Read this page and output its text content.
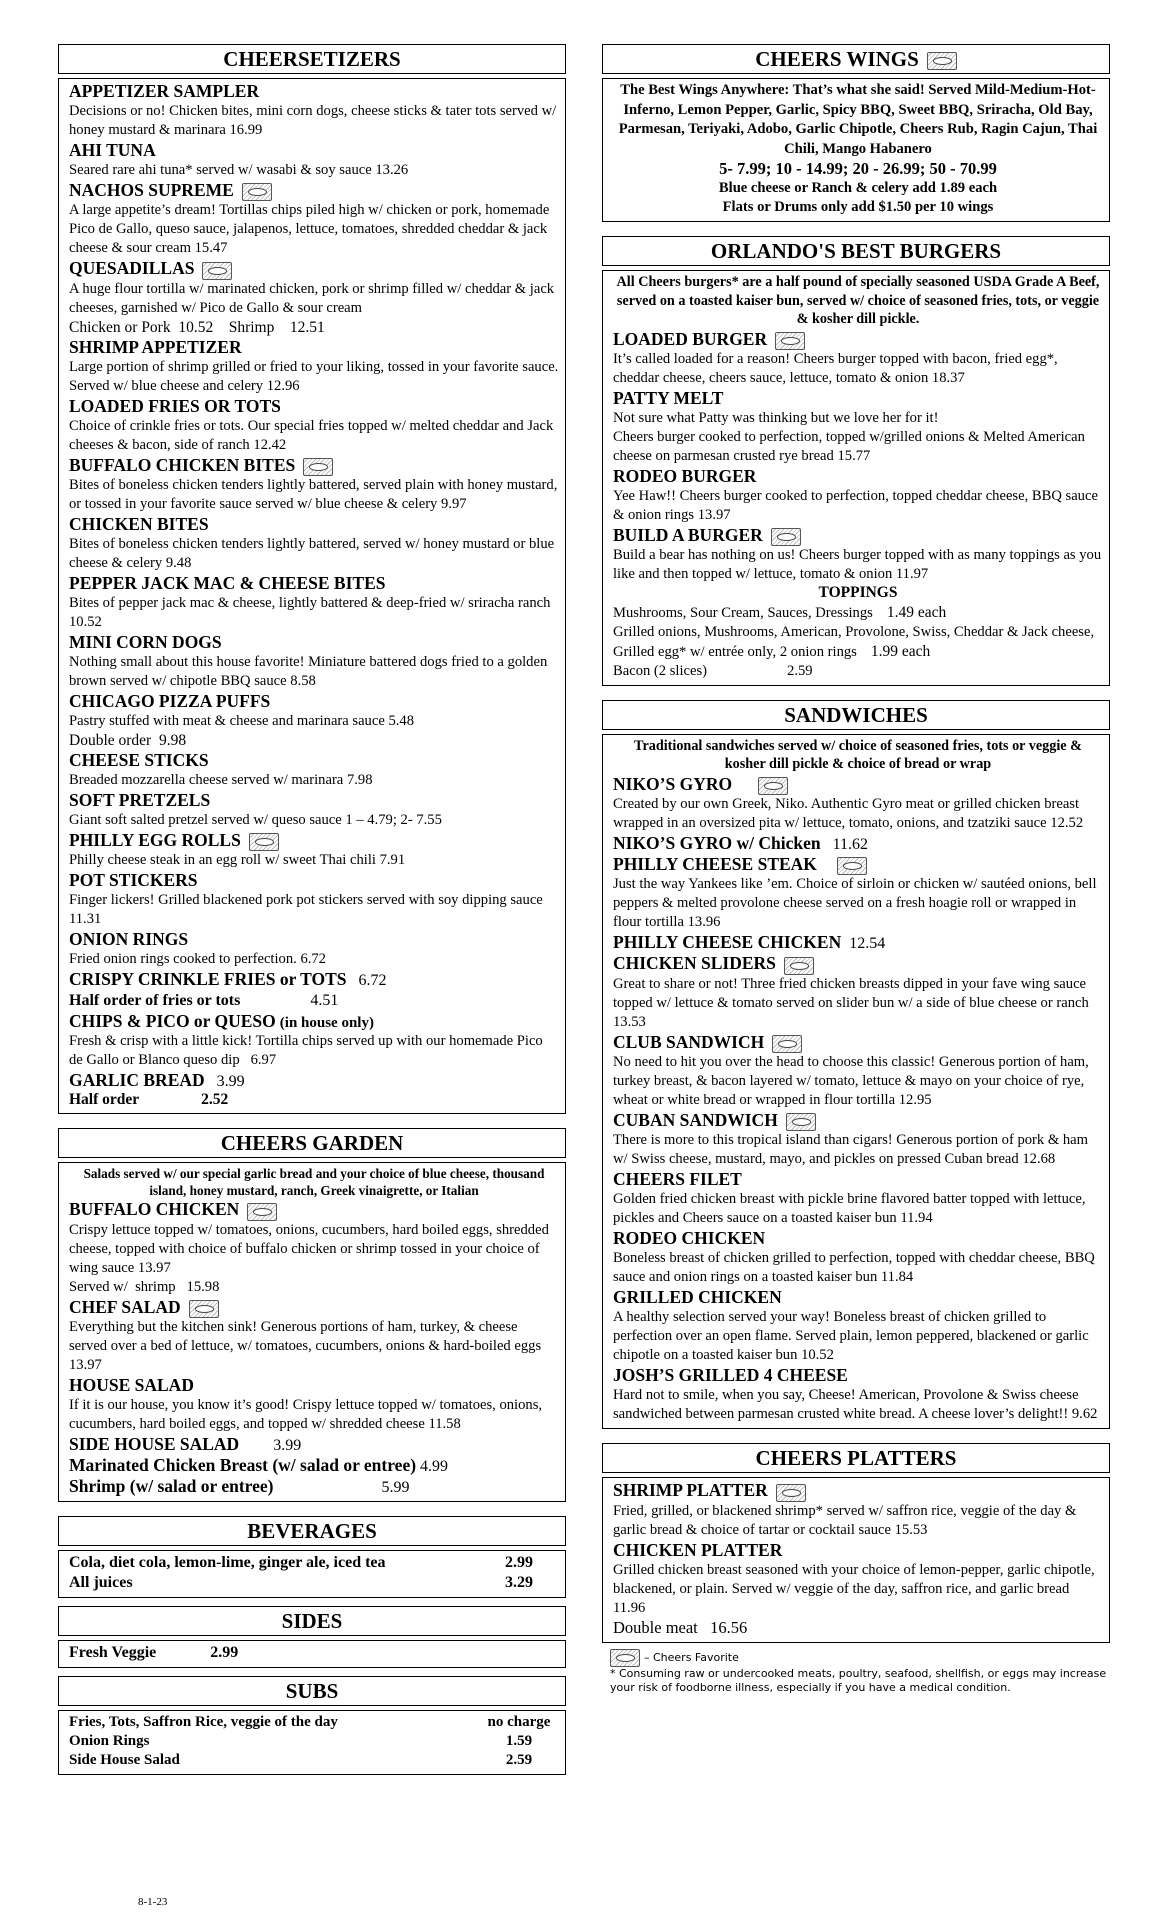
CHEERSETIZERS
APPETIZER SAMPLER
Decisions or no! Chicken bites, mini corn dogs, cheese sticks & tater tots served w/ honey mustard & marinara 16.99
AHI TUNA
Seared rare ahi tuna* served w/ wasabi & soy sauce 13.26
NACHOS SUPREME
A large appetite’s dream! Tortillas chips piled high w/ chicken or pork, homemade Pico de Gallo, queso sauce, jalapenos, lettuce, tomatoes, shredded cheddar & jack cheese & sour cream 15.47
QUESADILLAS
A huge flour tortilla w/ marinated chicken, pork or shrimp filled w/ cheddar & jack cheeses, garnished w/ Pico de Gallo & sour cream
Chicken or Pork  10.52    Shrimp    12.51
SHRIMP APPETIZER
Large portion of shrimp grilled or fried to your liking, tossed in your favorite sauce. Served w/ blue cheese and celery 12.96
LOADED FRIES OR TOTS
Choice of crinkle fries or tots. Our special fries topped w/ melted cheddar and Jack cheeses & bacon, side of ranch 12.42
BUFFALO CHICKEN BITES
Bites of boneless chicken tenders lightly battered, served plain with honey mustard, or tossed in your favorite sauce served w/ blue cheese & celery 9.97
CHICKEN BITES
Bites of boneless chicken tenders lightly battered, served w/ honey mustard or blue cheese & celery 9.48
PEPPER JACK MAC & CHEESE BITES
Bites of pepper jack mac & cheese, lightly battered & deep-fried w/ sriracha ranch 10.52
MINI CORN DOGS
Nothing small about this house favorite! Miniature battered dogs fried to a golden brown served w/ chipotle BBQ sauce 8.58
CHICAGO PIZZA PUFFS
Pastry stuffed with meat & cheese and marinara sauce 5.48
Double order  9.98
CHEESE STICKS
Breaded mozzarella cheese served w/ marinara 7.98
SOFT PRETZELS
Giant soft salted pretzel served w/ queso sauce 1 – 4.79; 2- 7.55
PHILLY EGG ROLLS
Philly cheese steak in an egg roll w/ sweet Thai chili 7.91
POT STICKERS
Finger lickers! Grilled blackened pork pot stickers served with soy dipping sauce 11.31
ONION RINGS
Fried onion rings cooked to perfection. 6.72
CRISPY CRINKLE FRIES or TOTS 6.72
Half order of fries or tots	4.51
CHIPS & PICO or QUESO (in house only)
Fresh & crisp with a little kick! Tortilla chips served up with our homemade Pico de Gallo or Blanco queso dip 6.97
GARLIC BREAD 3.99
Half order	2.52
CHEERS GARDEN
Salads served w/ our special garlic bread and your choice of blue cheese, thousand island, honey mustard, ranch, Greek vinaigrette, or Italian
BUFFALO CHICKEN
Crispy lettuce topped w/ tomatoes, onions, cucumbers, hard boiled eggs, shredded cheese, topped with choice of buffalo chicken or shrimp tossed in your choice of wing sauce 13.97
Served w/  shrimp   15.98
CHEF SALAD
Everything but the kitchen sink! Generous portions of ham, turkey, & cheese served over a bed of lettuce, w/ tomatoes, cucumbers, onions & hard-boiled eggs 13.97
HOUSE SALAD
If it is our house, you know it’s good! Crispy lettuce topped w/ tomatoes, onions, cucumbers, hard boiled eggs, and topped w/ shredded cheese 11.58
SIDE HOUSE SALAD 3.99
Marinated Chicken Breast (w/ salad or entree) 4.99
Shrimp (w/ salad or entree)	5.99
BEVERAGES
Cola, diet cola, lemon-lime, ginger ale, iced tea	2.99
All juices	3.29
SIDES
Fresh Veggie	2.99
SUBS
Fries, Tots, Saffron Rice, veggie of the day	no charge
Onion Rings	1.59
Side House Salad	2.59
8-1-23
CHEERS WINGS
The Best Wings Anywhere: That’s what she said! Served Mild-Medium-Hot-Inferno, Lemon Pepper, Garlic, Spicy BBQ, Sweet BBQ, Sriracha, Old Bay, Parmesan, Teriyaki, Adobo, Garlic Chipotle, Cheers Rub, Ragin Cajun, Thai Chili, Mango Habanero
5- 7.99; 10 - 14.99; 20 - 26.99; 50 - 70.99
Blue cheese or Ranch & celery add 1.89 each
Flats or Drums only add $1.50 per 10 wings
ORLANDO'S BEST BURGERS
All Cheers burgers* are a half pound of specially seasoned USDA Grade A Beef, served on a toasted kaiser bun, served w/ choice of seasoned fries, tots, or veggie & kosher dill pickle.
LOADED BURGER
It’s called loaded for a reason! Cheers burger topped with bacon, fried egg*, cheddar cheese, cheers sauce, lettuce, tomato & onion 18.37
PATTY MELT
Not sure what Patty was thinking but we love her for it!
Cheers burger cooked to perfection, topped w/grilled onions & Melted American cheese on parmesan crusted rye bread 15.77
RODEO BURGER
Yee Haw!! Cheers burger cooked to perfection, topped cheddar cheese, BBQ sauce & onion rings 13.97
BUILD A BURGER
Build a bear has nothing on us! Cheers burger topped with as many toppings as you like and then topped w/ lettuce, tomato & onion 11.97
TOPPINGS
Mushrooms, Sour Cream, Sauces, Dressings 1.49 each
Grilled onions, Mushrooms, American, Provolone, Swiss, Cheddar & Jack cheese, Grilled egg* w/ entrée only, 2 onion rings 1.99 each
Bacon (2 slices)	2.59
SANDWICHES
Traditional sandwiches served w/ choice of seasoned fries, tots or veggie & kosher dill pickle & choice of bread or wrap
NIKO’S GYRO
Created by our own Greek, Niko. Authentic Gyro meat or grilled chicken breast wrapped in an oversized pita w/ lettuce, tomato, onions, and tzatziki sauce 12.52
NIKO’S GYRO w/ Chicken 11.62
PHILLY CHEESE STEAK
Just the way Yankees like ’em. Choice of sirloin or chicken w/ sautéed onions, bell peppers & melted provolone cheese served on a fresh hoagie roll or wrapped in flour tortilla 13.96
PHILLY CHEESE CHICKEN 12.54
CHICKEN SLIDERS
Great to share or not! Three fried chicken breasts dipped in your fave wing sauce topped w/ lettuce & tomato served on slider bun w/ a side of blue cheese or ranch 13.53
CLUB SANDWICH
No need to hit you over the head to choose this classic! Generous portion of ham, turkey breast, & bacon layered w/ tomato, lettuce & mayo on your choice of rye, wheat or white bread or wrapped in flour tortilla 12.95
CUBAN SANDWICH
There is more to this tropical island than cigars! Generous portion of pork & ham w/ Swiss cheese, mustard, mayo, and pickles on pressed Cuban bread 12.68
CHEERS FILET
Golden fried chicken breast with pickle brine flavored batter topped with lettuce, pickles and Cheers sauce on a toasted kaiser bun 11.94
RODEO CHICKEN
Boneless breast of chicken grilled to perfection, topped with cheddar cheese, BBQ sauce and onion rings on a toasted kaiser bun 11.84
GRILLED CHICKEN
A healthy selection served your way! Boneless breast of chicken grilled to perfection over an open flame. Served plain, lemon peppered, blackened or garlic chipotle on a toasted kaiser bun 10.52
JOSH’S GRILLED 4 CHEESE
Hard not to smile, when you say, Cheese! American, Provolone & Swiss cheese sandwiched between parmesan crusted white bread. A cheese lover’s delight!! 9.62
CHEERS PLATTERS
SHRIMP PLATTER
Fried, grilled, or blackened shrimp* served w/ saffron rice, veggie of the day & garlic bread & choice of tartar or cocktail sauce 15.53
CHICKEN PLATTER
Grilled chicken breast seasoned with your choice of lemon-pepper, garlic chipotle, blackened, or plain. Served w/ veggie of the day, saffron rice, and garlic bread 11.96
Double meat 16.56
– Cheers Favorite
* Consuming raw or undercooked meats, poultry, seafood, shellfish, or eggs may increase your risk of foodborne illness, especially if you have a medical condition.
